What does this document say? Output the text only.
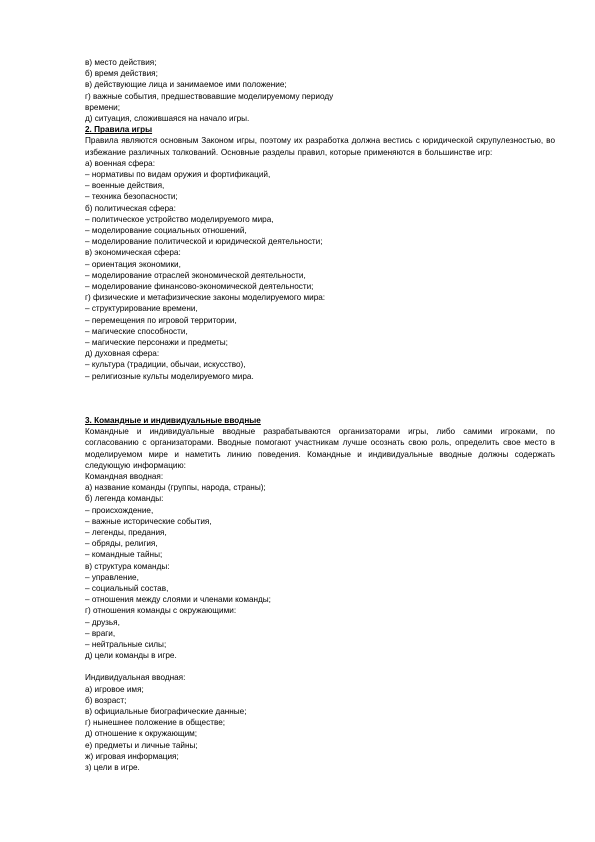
в) место действия;
б) время действия;
в) действующие лица и занимаемое ими положение;
г) важные события, предшествовавшие моделируемому периоду
времени;
д) ситуация, сложившаяся на начало игры.
2. Правила игры
Правила являются основным Законом игры, поэтому их разработка должна вестись с юридической скрупулезностью, во избежание различных толкований. Основные разделы правил, которые применяются в большинстве игр:
а) военная сфера:
– нормативы по видам оружия и фортификаций,
– военные действия,
– техника безопасности;
б) политическая сфера:
– политическое устройство моделируемого мира,
– моделирование социальных отношений,
– моделирование политической и юридической деятельности;
в) экономическая сфера:
– ориентация экономики,
– моделирование отраслей экономической деятельности,
– моделирование финансово-экономической деятельности;
г) физические и метафизические законы моделируемого мира:
– структурирование времени,
– перемещения по игровой территории,
– магические способности,
– магические персонажи и предметы;
д) духовная сфера:
– культура (традиции, обычаи, искусство),
– религиозные культы моделируемого мира.
3. Командные и индивидуальные вводные
Командные и индивидуальные вводные разрабатываются организаторами игры, либо самими игроками, по согласованию с организаторами. Вводные помогают участникам лучше осознать свою роль, определить свое место в моделируемом мире и наметить линию поведения. Командные и индивидуальные вводные должны содержать следующую информацию:
Командная вводная:
а) название команды (группы, народа, страны);
б) легенда команды:
– происхождение,
– важные исторические события,
– легенды, предания,
– обряды, религия,
– командные тайны;
в) структура команды:
– управление,
– социальный состав,
– отношения между слоями и членами команды;
г) отношения команды с окружающими:
– друзья,
– враги,
– нейтральные силы;
д) цели команды в игре.
Индивидуальная вводная:
а) игровое имя;
б) возраст;
в) официальные биографические данные;
г) нынешнее положение в обществе;
д) отношение к окружающим;
е) предметы и личные тайны;
ж) игровая информация;
з) цели в игре.
